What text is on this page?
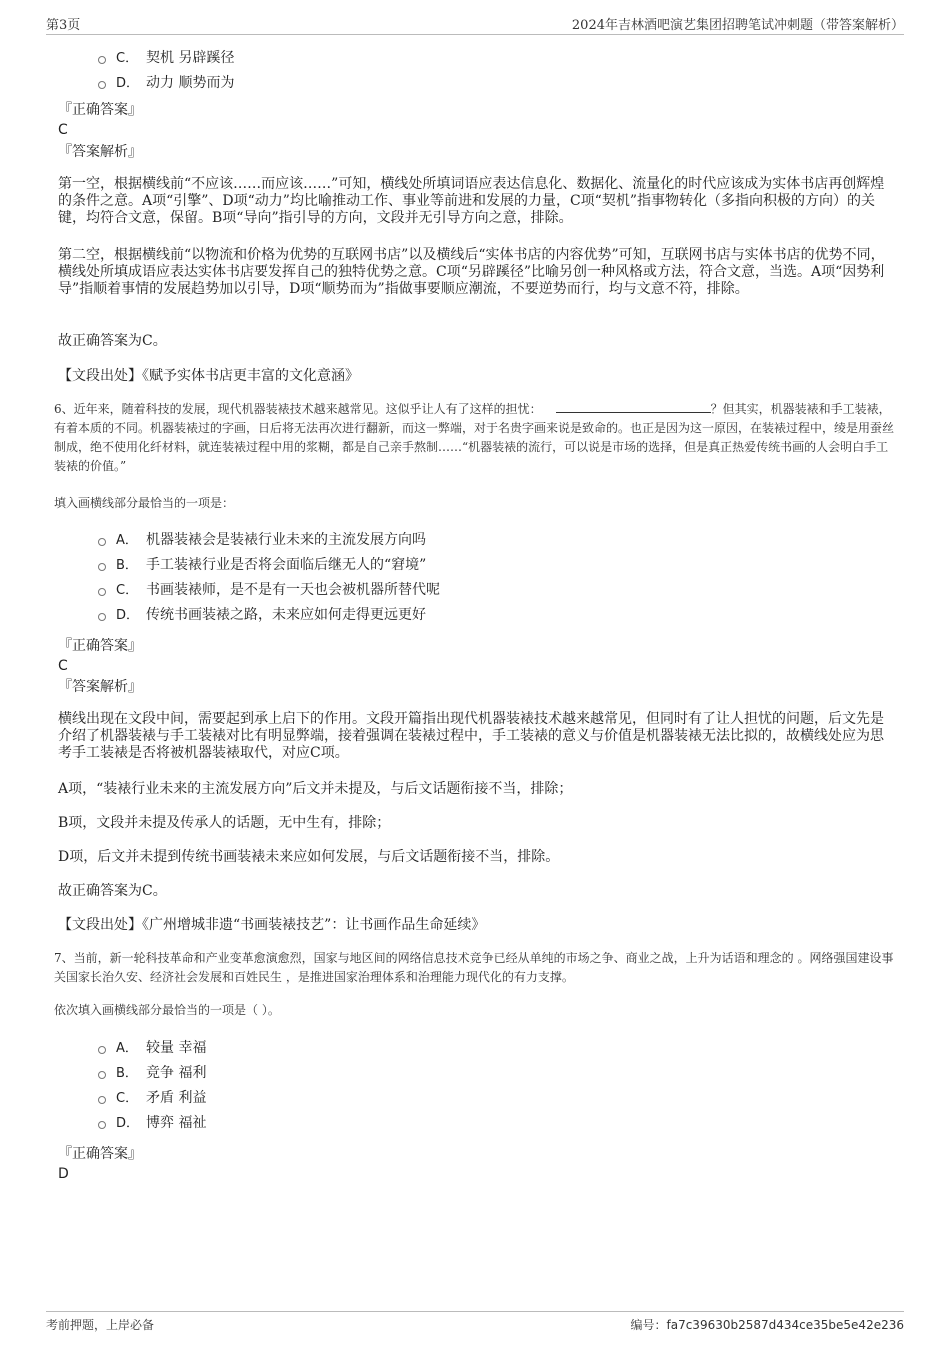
第3页	2024年吉林酒吧演艺集团招聘笔试冲刺题（带答案解析）
C． 契机 另辟蹊径
D． 动力 顺势而为
『正确答案』
C
『答案解析』

第一空，根据横线前“不应该……而应该……”可知，横线处所填词语应表达信息化、数据化、流量化的时代应该成为实体书店再创辉煌的条件之意。A项“引擎”、D项“动力”均比喻推动工作、事业等前进和发展的力量，C项“契机”指事物转化（多指向积极的方向）的关键，均符合文意，保留。B项“导向”指引导的方向，文段并无引导方向之意，排除。

第二空，根据横线前“以物流和价格为优势的互联网书店”以及横线后“实体书店的内容优势”可知，互联网书店与实体书店的优势不同，横线处所填成语应表达实体书店要发挥自己的独特优势之意。C项“另辟蹊径”比喻另创一种风格或方法，符合文意，当选。A项“因势利导”指顺着事情的发展趋势加以引导，D项“顺势而为”指做事要顺应潮流，不要逆势而行，均与文意不符，排除。

故正确答案为C。

【文段出处】《赋予实体书店更丰富的文化意涵》

6、近年来，随着科技的发展，现代机器装裱技术越来越常见。这似乎让人有了这样的担忧：	？但其实，机器装裱和手工装裱，有着本质的不同。机器装裱过的字画，日后将无法再次进行翻新，而这一弊端，对于名贵字画来说是致命的。也正是因为这一原因，在装裱过程中，绫是用蚕丝制成，绝不使用化纤材料，就连装裱过程中用的浆糊，都是自己亲手熬制……“机器装裱的流行，可以说是市场的选择，但是真正热爱传统书画的人会明白手工装裱的价值。”

填入画横线部分最恰当的一项是：

A． 机器装裱会是装裱行业未来的主流发展方向吗
B． 手工装裱行业是否将会面临后继无人的“窘境”
C． 书画装裱师，是不是有一天也会被机器所替代呢
D． 传统书画装裱之路，未来应如何走得更远更好
『正确答案』
C
『答案解析』

横线出现在文段中间，需要起到承上启下的作用。文段开篇指出现代机器装裱技术越来越常见，但同时有了让人担忧的问题，后文先是介绍了机器装裱与手工装裱对比有明显弊端，接着强调在装裱过程中，手工装裱的意义与价值是机器装裱无法比拟的，故横线处应为思考手工装裱是否将被机器装裱取代，对应C项。

A项，“装裱行业未来的主流发展方向”后文并未提及，与后文话题衔接不当，排除；

B项，文段并未提及传承人的话题，无中生有，排除；

D项，后文并未提到传统书画装裱未来应如何发展，与后文话题衔接不当，排除。

故正确答案为C。

【文段出处】《广州增城非遗“书画装裱技艺”：让书画作品生命延续》

7、当前，新一轮科技革命和产业变革愈演愈烈，国家与地区间的网络信息技术竞争已经从单纯的市场之争、商业之战，上升为话语和理念的 。网络强国建设事关国家长治久安、经济社会发展和百姓民生 ，是推进国家治理体系和治理能力现代化的有力支撑。

依次填入画横线部分最恰当的一项是（ ）。

A． 较量 幸福
B． 竞争 福利
C． 矛盾 利益
D． 博弈 福祉
『正确答案』
D
考前押题，上岸必备	编号：fa7c39630b2587d434ce35be5e42e236
